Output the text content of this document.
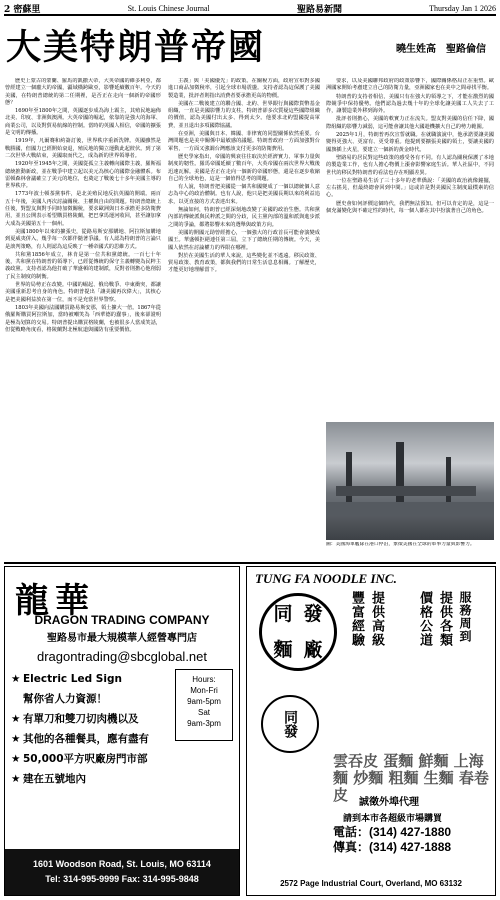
2 密蘇里	St. Louis Chinese Journal	聖路易新聞	Thursday Jan 1 2026
大美特朗普帝國	曉生姓高　聖路倫信

歷史上蒙古的蒙蘭、羅馬的凱撒大帝，大英帝國的維多利亞，都曾經建立一個龐大的帝國，疆域橫跨歐亞，影響延續數百年。今天的美國，在特朗普總統的第二任期裡，是否正在走向一個新的帝國形態？

1690年至1800年之間，英國逐步成為海上霸主，其殖民地遍佈北美、印度、非洲與澳洲。大英帝國的崛起，依靠的是強大的海軍、商業公司，以及對貿易航線的控制。當時的英國人相信，帝國的擴張是文明的傳播。

1919年，凡爾賽和約簽訂後，世界秩序重新洗牌。英國雖然是戰勝國，但國力已經開始衰退，殖民地的獨立運動此起彼伏。到了第二次世界大戰結束，美國取而代之，成為新的世界領導者。

1920年至1945年之間，美國從孤立主義轉向國際主義，羅斯福總統推動新政，並在戰爭中建立起以美元為核心的國際金融體系。布雷頓森林會議確立了美元的地位，也奠定了戰後七十多年美國主導的世界秩序。

1773年波士頓茶黨事件，是北美殖民地反抗英國的開端。兩百五十年後，美國人再次討論關稅、主權與自由的問題。特朗普總統上任後，對盟友與對手同時加徵關稅，要求歐洲與日本承擔更多防衛費用，並且公開表示希望購買格陵蘭，把巴拿馬運河收回，甚至讓加拿大成為美國第五十一個州。

美國1800年以來的擴張史，從路易斯安那購地、阿拉斯加購地到夏威夷併入，幾乎每一次都伴隨著爭議。有人認為特朗普的言論只是談判策略，有人則認為這反映了一種帝國式的思維方式。

共和黨1856年成立，林肯是第一位共和黨總統。一百七十年後，共和黨在特朗普的領導下，已經從傳統的保守主義轉變為民粹主義政黨。支持者認為他打破了華盛頓的建制派，反對者則擔心他削弱了民主制度的制衡。

世界的局勢正在改變。中國的崛起、俄烏戰爭、中東衝突，都讓美國重新思考自身的角色。特朗普提出「讓美國再次偉大」，其核心是把美國利益放在第一位，而不是充當世界警察。

1803年美國向法國購買路易斯安那，領土擴大一倍。1867年從俄羅斯購買阿拉斯加，當時被嘲笑為「西華德的蠢事」，後來卻證明是極為划算的交易。特朗普提出購買格陵蘭，也被很多人當成笑話，但從戰略角度看，格陵蘭對北極航道與國防有重要價值。

主義」與「美國優先」的政策。在關稅方面，政府宣布對多國進口商品加徵稅率，引起全球市場震盪。支持者認為這保護了美國製造業，批評者則指出消費者要承擔更高的物價。

美國在二戰後建立的聯合國、北約、世界銀行與國際貨幣基金組織，一直是美國影響力的支柱。特朗普卻多次質疑這些國際組織的價值，認為美國付出太多、得到太少。他要求北約盟國提高軍費，並且退出多項國際協議。

在亞洲，美國與日本、韓國、菲律賓的同盟關係依然重要。台灣問題也是美中關係中最敏感的議題。特朗普政府一方面加強對台軍售，一方面又強調台灣應該支付更多的防衛費用。

歷史學家指出，帝國的興衰往往取決於經濟實力、軍事力量與制度的韌性。羅馬帝國延續了數百年，大英帝國在兩次世界大戰後迅速瓦解。美國是否正在走向一個新的帝國形態，還是在逐步收縮自己的全球角色，這是一個值得思考的問題。

有人說，特朗普把美國從一個共和國變成了一個以總統個人意志為中心的政治體制。也有人說，他只是把美國長期以來的利益追求，以更直接的方式表達出來。

無論如何，特朗普已經深刻地改變了美國的政治生態。共和黨內部的傳統派與民粹派之間的分歧，民主黨內部的溫和派與進步派之間的爭論，都將影響未來的選舉與政策方向。

美國的開國元勛曾經擔心，一個強大的行政首長可能會演變成國王。華盛頓拒絕連任第三屆，立下了總統任期的傳統。今天，美國人依然在討論權力的界限在哪裡。

對於在美國生活的華人來說，這些變化並不遙遠。移民政策、貿易政策、教育政策，都與我們的日常生活息息相關。了解歷史，才能更好地理解當下。

要求，以及美國聯邦政府的政策影響下，國際關係格局正在重塑。歐洲國家開始考慮建立自己的防衛力量，亞洲國家也在美中之間尋找平衡。

特朗普的支持者相信，美國只有在強大的領導之下，才能在激烈的國際競爭中保持優勢。他們認為過去幾十年的全球化讓美國工人失去了工作，讓製造業外移到海外。

批評者則擔心，美國的軟實力正在流失。盟友對美國的信任下降，國際組織的影響力減弱，這可能會讓其他大國趁機擴大自己的勢力範圍。

2025年1月，特朗普再次宣誓就職。在就職演說中，他承諾要讓美國變得更強大、更富有、更受尊重。他提到要擴張美國的領土，要讓美國的國旗插上火星，要建立一個新的黃金時代。

聖路易的居民對這些政策的感受各有不同。有人認為關稅保護了本地的製造業工作，也有人擔心物價上漲會影響家庭生活。華人社區中，不同世代的移民對特朗普的看法也存在明顯差異。

一位在聖路易生活了三十多年的老華僑說：「美國的政治就像鐘擺，左右搖晃，但最終總會回到中間。」這或許是對美國民主制度最樸素的信心。

歷史會如何評價這個時代，我們無法預知。但可以肯定的是，這是一個充滿變化與不確定性的時代，每一個人都在其中扮演著自己的角色。

圖：美國海軍艦隊在港口停泊，象徵美國在全球的軍事力量與影響力。
龍華
DRAGON TRADING COMPANY
聖路易市最大規模華人經營專門店
dragontrading@sbcglobal.net
★ Electric Led Sign
幫你省人力資源！
★ 有單刀和雙刀切肉機以及
★ 其他的各種餐具，應有盡有
★ 50,000平方呎廠房門市部
★ 建在五號地內
Hours:
Mon-Fri
9am-5pm
Sat
9am-3pm
1601 Woodson Road, St. Louis, MO 63114
Tel: 314-995-9999 Fax: 314-995-9848
TUNG FA NOODLE INC.
同 發
麵 廠
豐富經驗 提供高級	價格公道 提供各類 服務周到
同發
雲吞皮 蛋麵 鮮麵 上海麵 炒麵 粗麵 生麵 春卷皮	誠徵外埠代理
請到本市各超級市場購買
電話：(314) 427-1880
傳真：(314) 427-1888
2572 Page Industrial Court, Overland, MO 63132
